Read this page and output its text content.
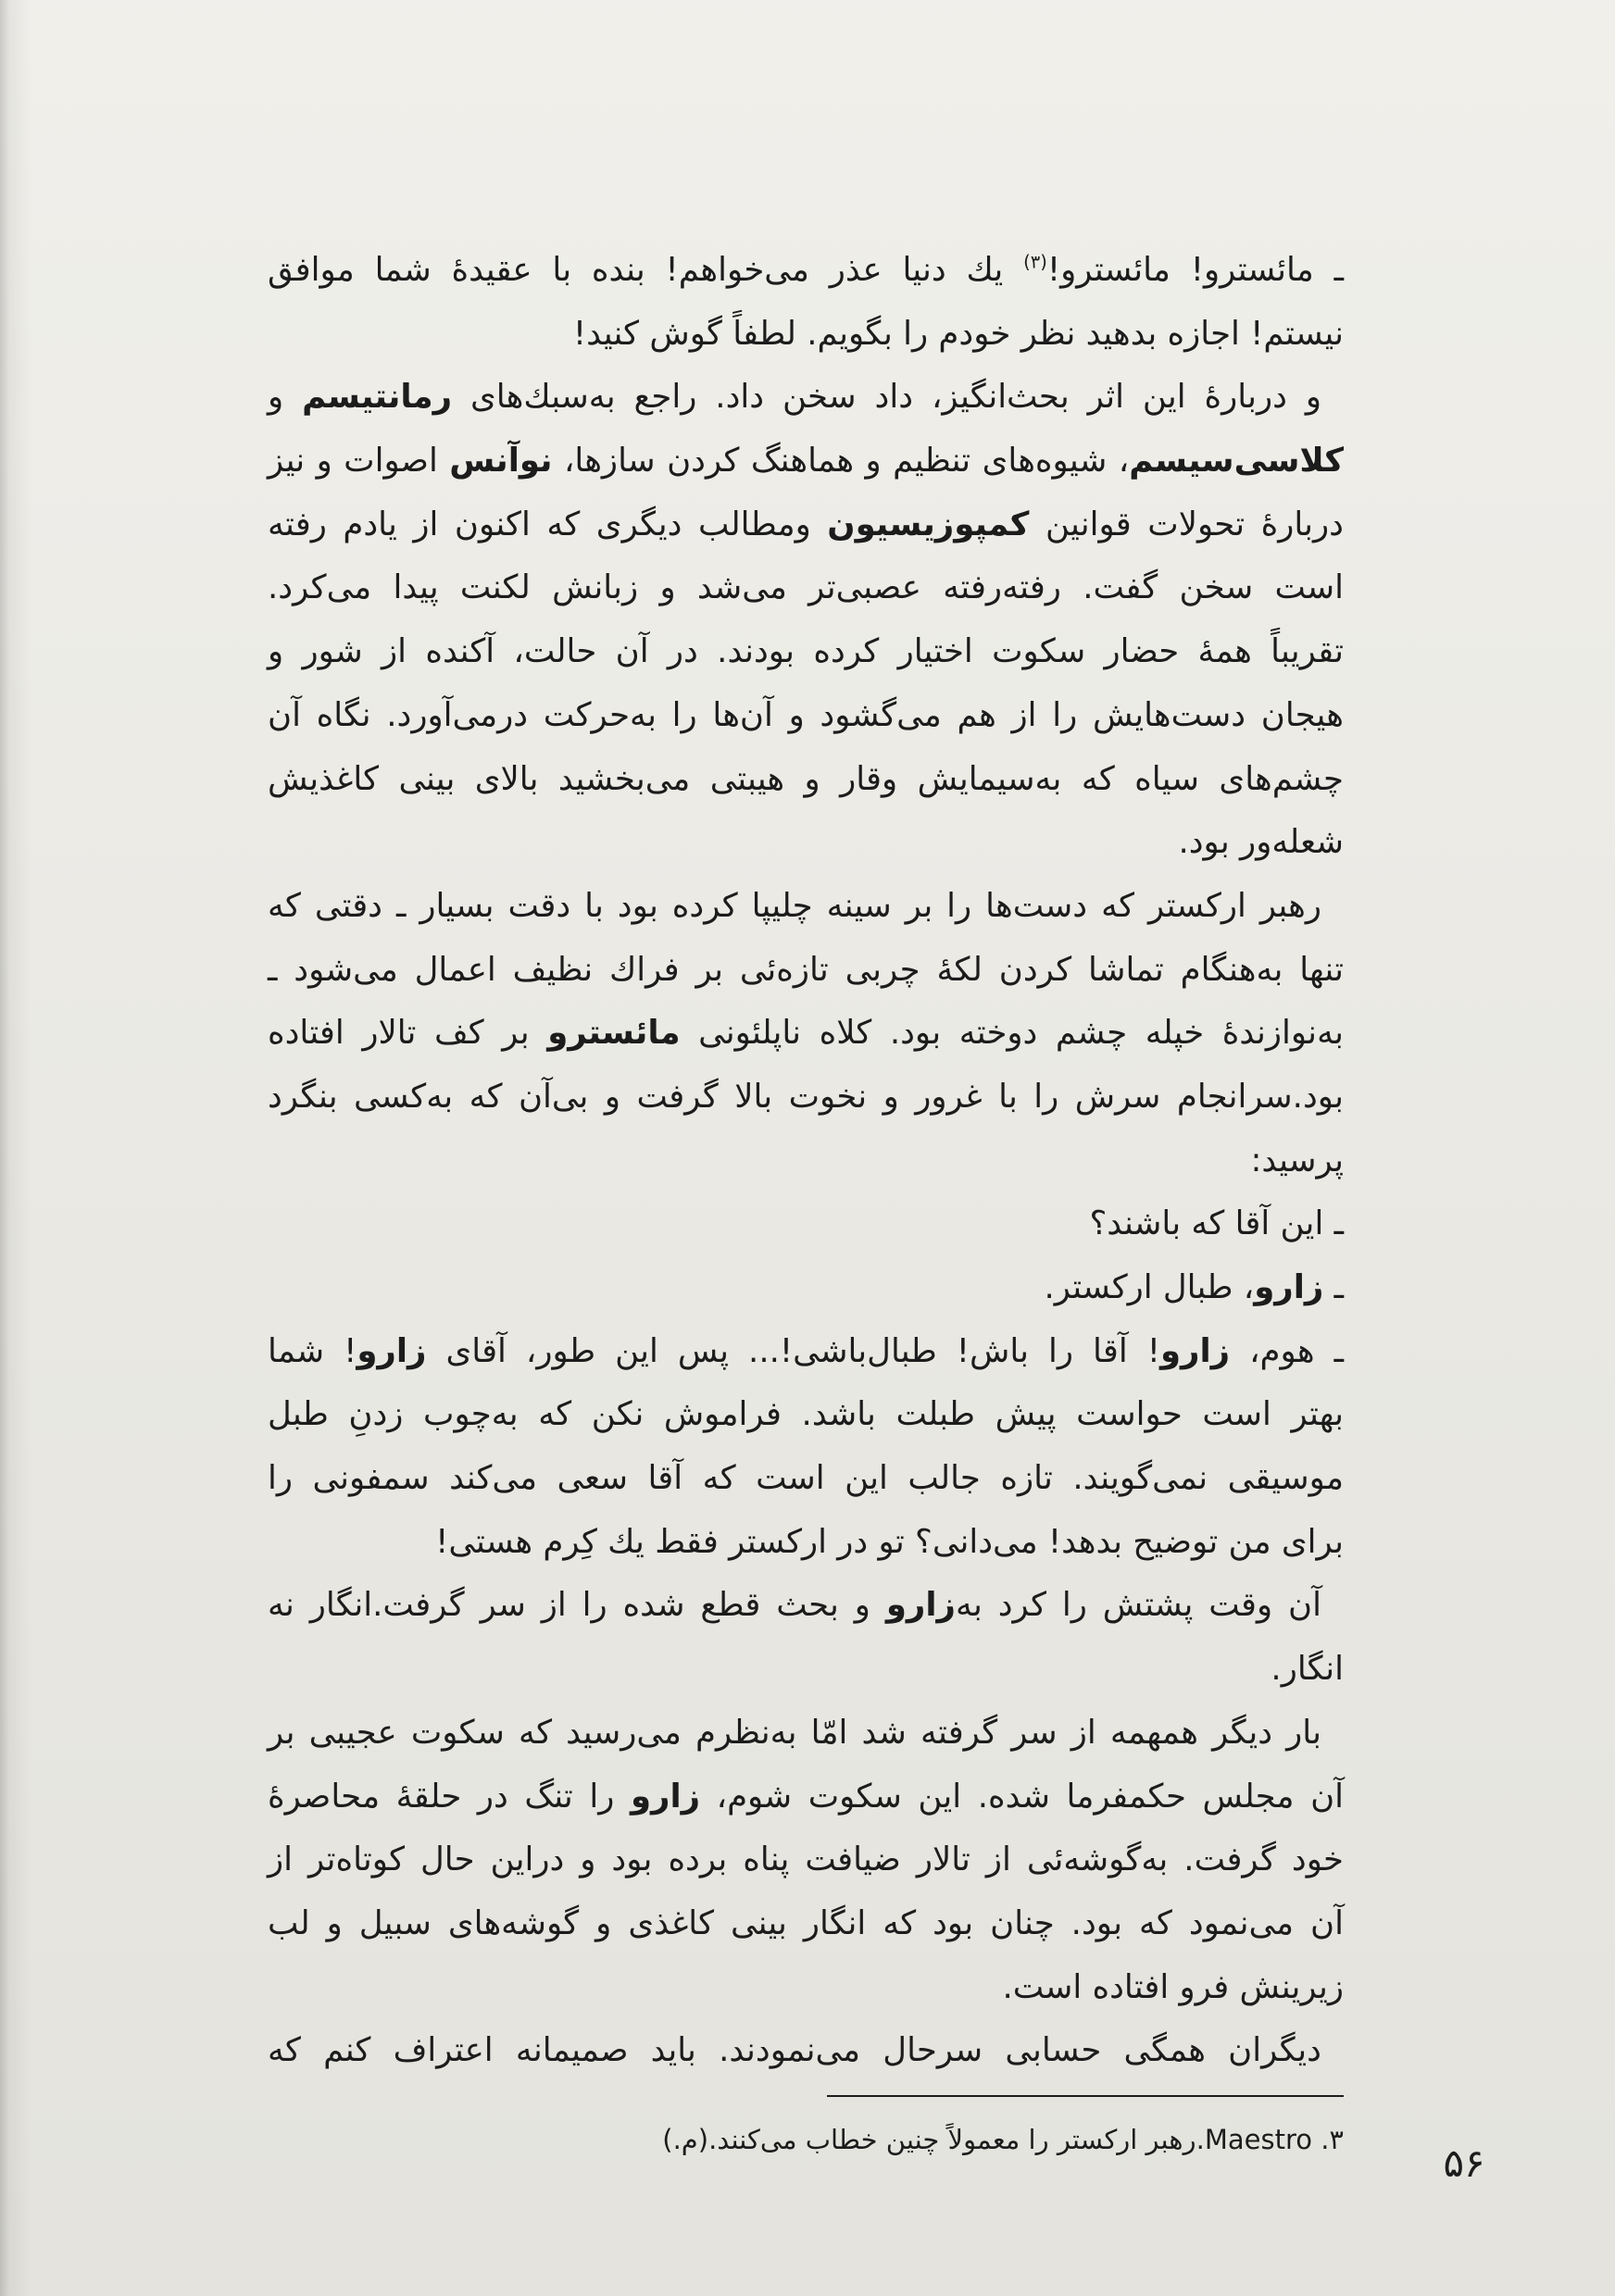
ـ مائسترو! مائسترو!$^{(۳)}$ یك دنیا عذر می‌خواهم! بنده با عقیدهٔ شما موافق
نیستم! اجازه بدهید نظر خودم را بگویم. لطفاً گوش کنید!
و دربارهٔ این اثر بحث‌انگیز، داد سخن داد. راجع به‌سبك‌های رمانتیسم و
کلاسی‌سیسم، شیوه‌های تنظیم و هماهنگ کردن سازها، نوآنس اصوات و نیز
دربارهٔ تحولات قوانین کمپوزیسیون ومطالب دیگری که اکنون از یادم رفته
است سخن گفت. رفته‌رفته عصبی‌تر می‌شد و زبانش لکنت پیدا می‌کرد.
تقریباً همهٔ حضار سکوت اختیار کرده بودند. در آن حالت، آکنده از شور و
هیجان دست‌هایش را از هم می‌گشود و آن‌ها را به‌حرکت درمی‌آورد. نگاه آن
چشم‌های سیاه که به‌سیمایش وقار و هیبتی می‌بخشید بالای بینی کاغذیش
شعله‌ور بود.
رهبر ارکستر که دست‌ها را بر سینه چلیپا کرده بود با دقت بسیار ـ دقتی که
تنها به‌هنگام تماشا کردن لکهٔ چربی تازه‌ئی بر فراك نظیف اعمال می‌شود ـ
به‌نوازندهٔ خپله چشم دوخته بود. کلاه ناپلئونی مائسترو بر کف تالار افتاده
بود.سرانجام سرش را با غرور و نخوت بالا گرفت و بی‌آن که به‌کسی بنگرد
پرسید:
ـ این آقا که باشند؟
ـ زارو، طبال ارکستر.
ـ هوم، زارو! آقا را باش! طبال‌باشی!... پس این طور، آقای زارو! شما
بهتر است حواست پیش طبلت باشد. فراموش نکن که به‌چوب زدنِ طبل
موسیقی نمی‌گویند. تازه جالب این است که آقا سعی می‌کند سمفونی را
برای من توضیح بدهد! می‌دانی؟ تو در ارکستر فقط یك کِرم هستی!
آن وقت پشتش را کرد به‌زارو و بحث قطع شده را از سر گرفت.انگار نه
انگار.
بار دیگر همهمه از سر گرفته شد امّا به‌نظرم می‌رسید که سکوت عجیبی بر
آن مجلس حکمفرما شده. این سکوت شوم، زارو را تنگ در حلقهٔ محاصرهٔ
خود گرفت. به‌گوشه‌ئی از تالار ضیافت پناه برده بود و دراین حال کوتاه‌تر از
آن می‌نمود که بود. چنان بود که انگار بینی کاغذی و گوشه‌های سبیل و لب
زیرینش فرو افتاده است.
دیگران همگی حسابی سرحال می‌نمودند. باید صمیمانه اعتراف کنم که
۳. Maestro.رهبر ارکستر را معمولاً چنین خطاب می‌کنند.(م.)
۵۶
